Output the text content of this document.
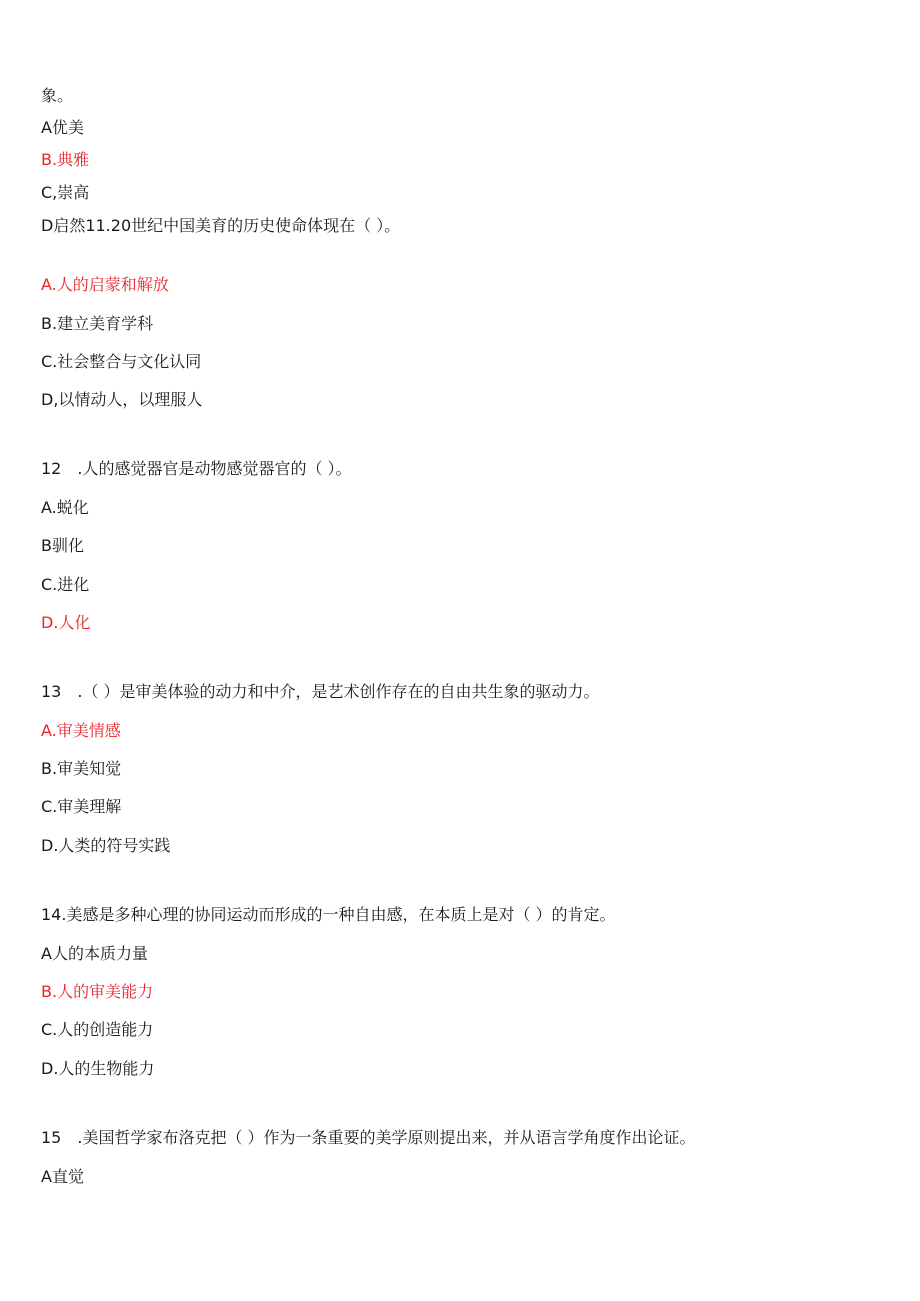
象。

A优美

B.典雅

C,崇高

D启然11.20世纪中国美育的历史使命体现在（ ）。

A.人的启蒙和解放

B.建立美育学科

C.社会整合与文化认同

D,以情动人，以理服人

12　.人的感觉器官是动物感觉器官的（ ）。

A.蜕化

B驯化

C.进化

D.人化

13　.（ ）是审美体验的动力和中介，是艺术创作存在的自由共生象的驱动力。

A.审美情感

B.审美知觉

C.审美理解

D.人类的符号实践

14.美感是多种心理的协同运动而形成的一种自由感，在本质上是对（ ）的肯定。

A人的本质力量

B.人的审美能力

C.人的创造能力

D.人的生物能力

15　.美国哲学家布洛克把（ ）作为一条重要的美学原则提出来，并从语言学角度作出论证。

A直觉
